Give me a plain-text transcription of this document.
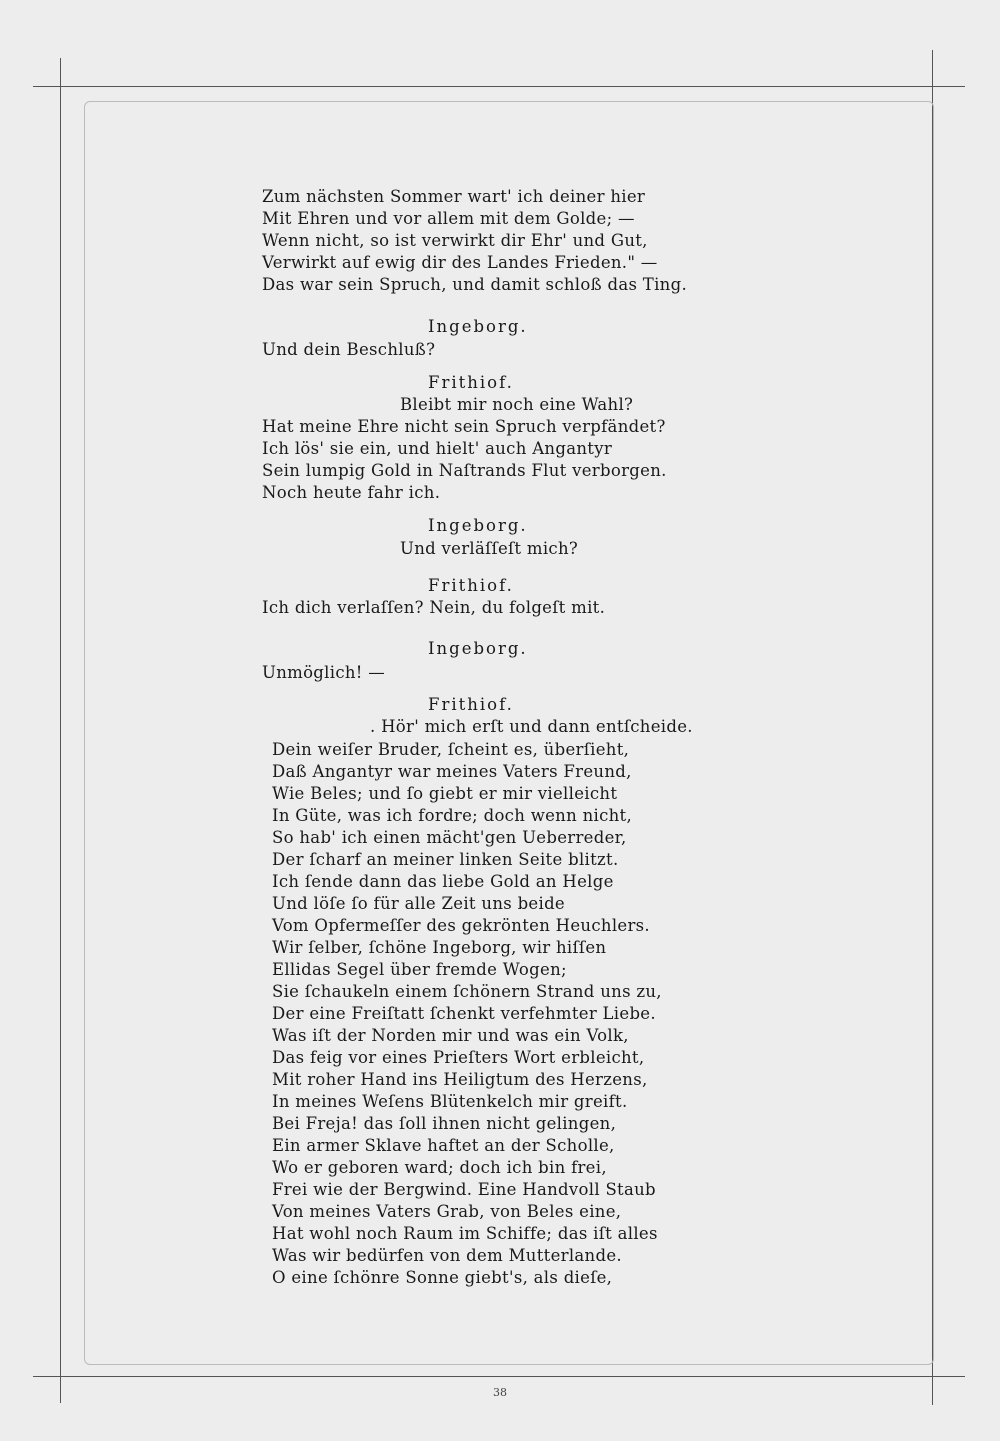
Zum nächsten Sommer wart' ich deiner hier
Mit Ehren und vor allem mit dem Golde; —
Wenn nicht, so ist verwirkt dir Ehr' und Gut,
Verwirkt auf ewig dir des Landes Frieden." —
Das war sein Spruch, und damit schloß das Ting.
Ingeborg.
Und dein Beschluß?
Frithiof.
Bleibt mir noch eine Wahl?
Hat meine Ehre nicht sein Spruch verpfändet?
Ich lös' sie ein, und hielt' auch Angantyr
Sein lumpig Gold in Naſtrands Flut verborgen.
Noch heute fahr ich.
Ingeborg.
Und verläſſeſt mich?
Frithiof.
Ich dich verlaſſen? Nein, du folgeſt mit.
Ingeborg.
Unmöglich! —
Frithiof.
. Hör' mich erſt und dann entſcheide.
Dein weiſer Bruder, ſcheint es, überſieht,
Daß Angantyr war meines Vaters Freund,
Wie Beles; und ſo giebt er mir vielleicht
In Güte, was ich fordre; doch wenn nicht,
So hab' ich einen mächt'gen Ueberreder,
Der ſcharf an meiner linken Seite blitzt.
Ich ſende dann das liebe Gold an Helge
Und löſe ſo für alle Zeit uns beide
Vom Opfermeſſer des gekrönten Heuchlers.
Wir ſelber, ſchöne Ingeborg, wir hiſſen
Ellidas Segel über fremde Wogen;
Sie ſchaukeln einem ſchönern Strand uns zu,
Der eine Freiſtatt ſchenkt verfehmter Liebe.
Was iſt der Norden mir und was ein Volk,
Das feig vor eines Prieſters Wort erbleicht,
Mit roher Hand ins Heiligtum des Herzens,
In meines Weſens Blütenkelch mir greift.
Bei Freja! das ſoll ihnen nicht gelingen,
Ein armer Sklave haftet an der Scholle,
Wo er geboren ward; doch ich bin frei,
Frei wie der Bergwind. Eine Handvoll Staub
Von meines Vaters Grab, von Beles eine,
Hat wohl noch Raum im Schiffe; das iſt alles
Was wir bedürfen von dem Mutterlande.
O eine ſchönre Sonne giebt's, als dieſe,
38
